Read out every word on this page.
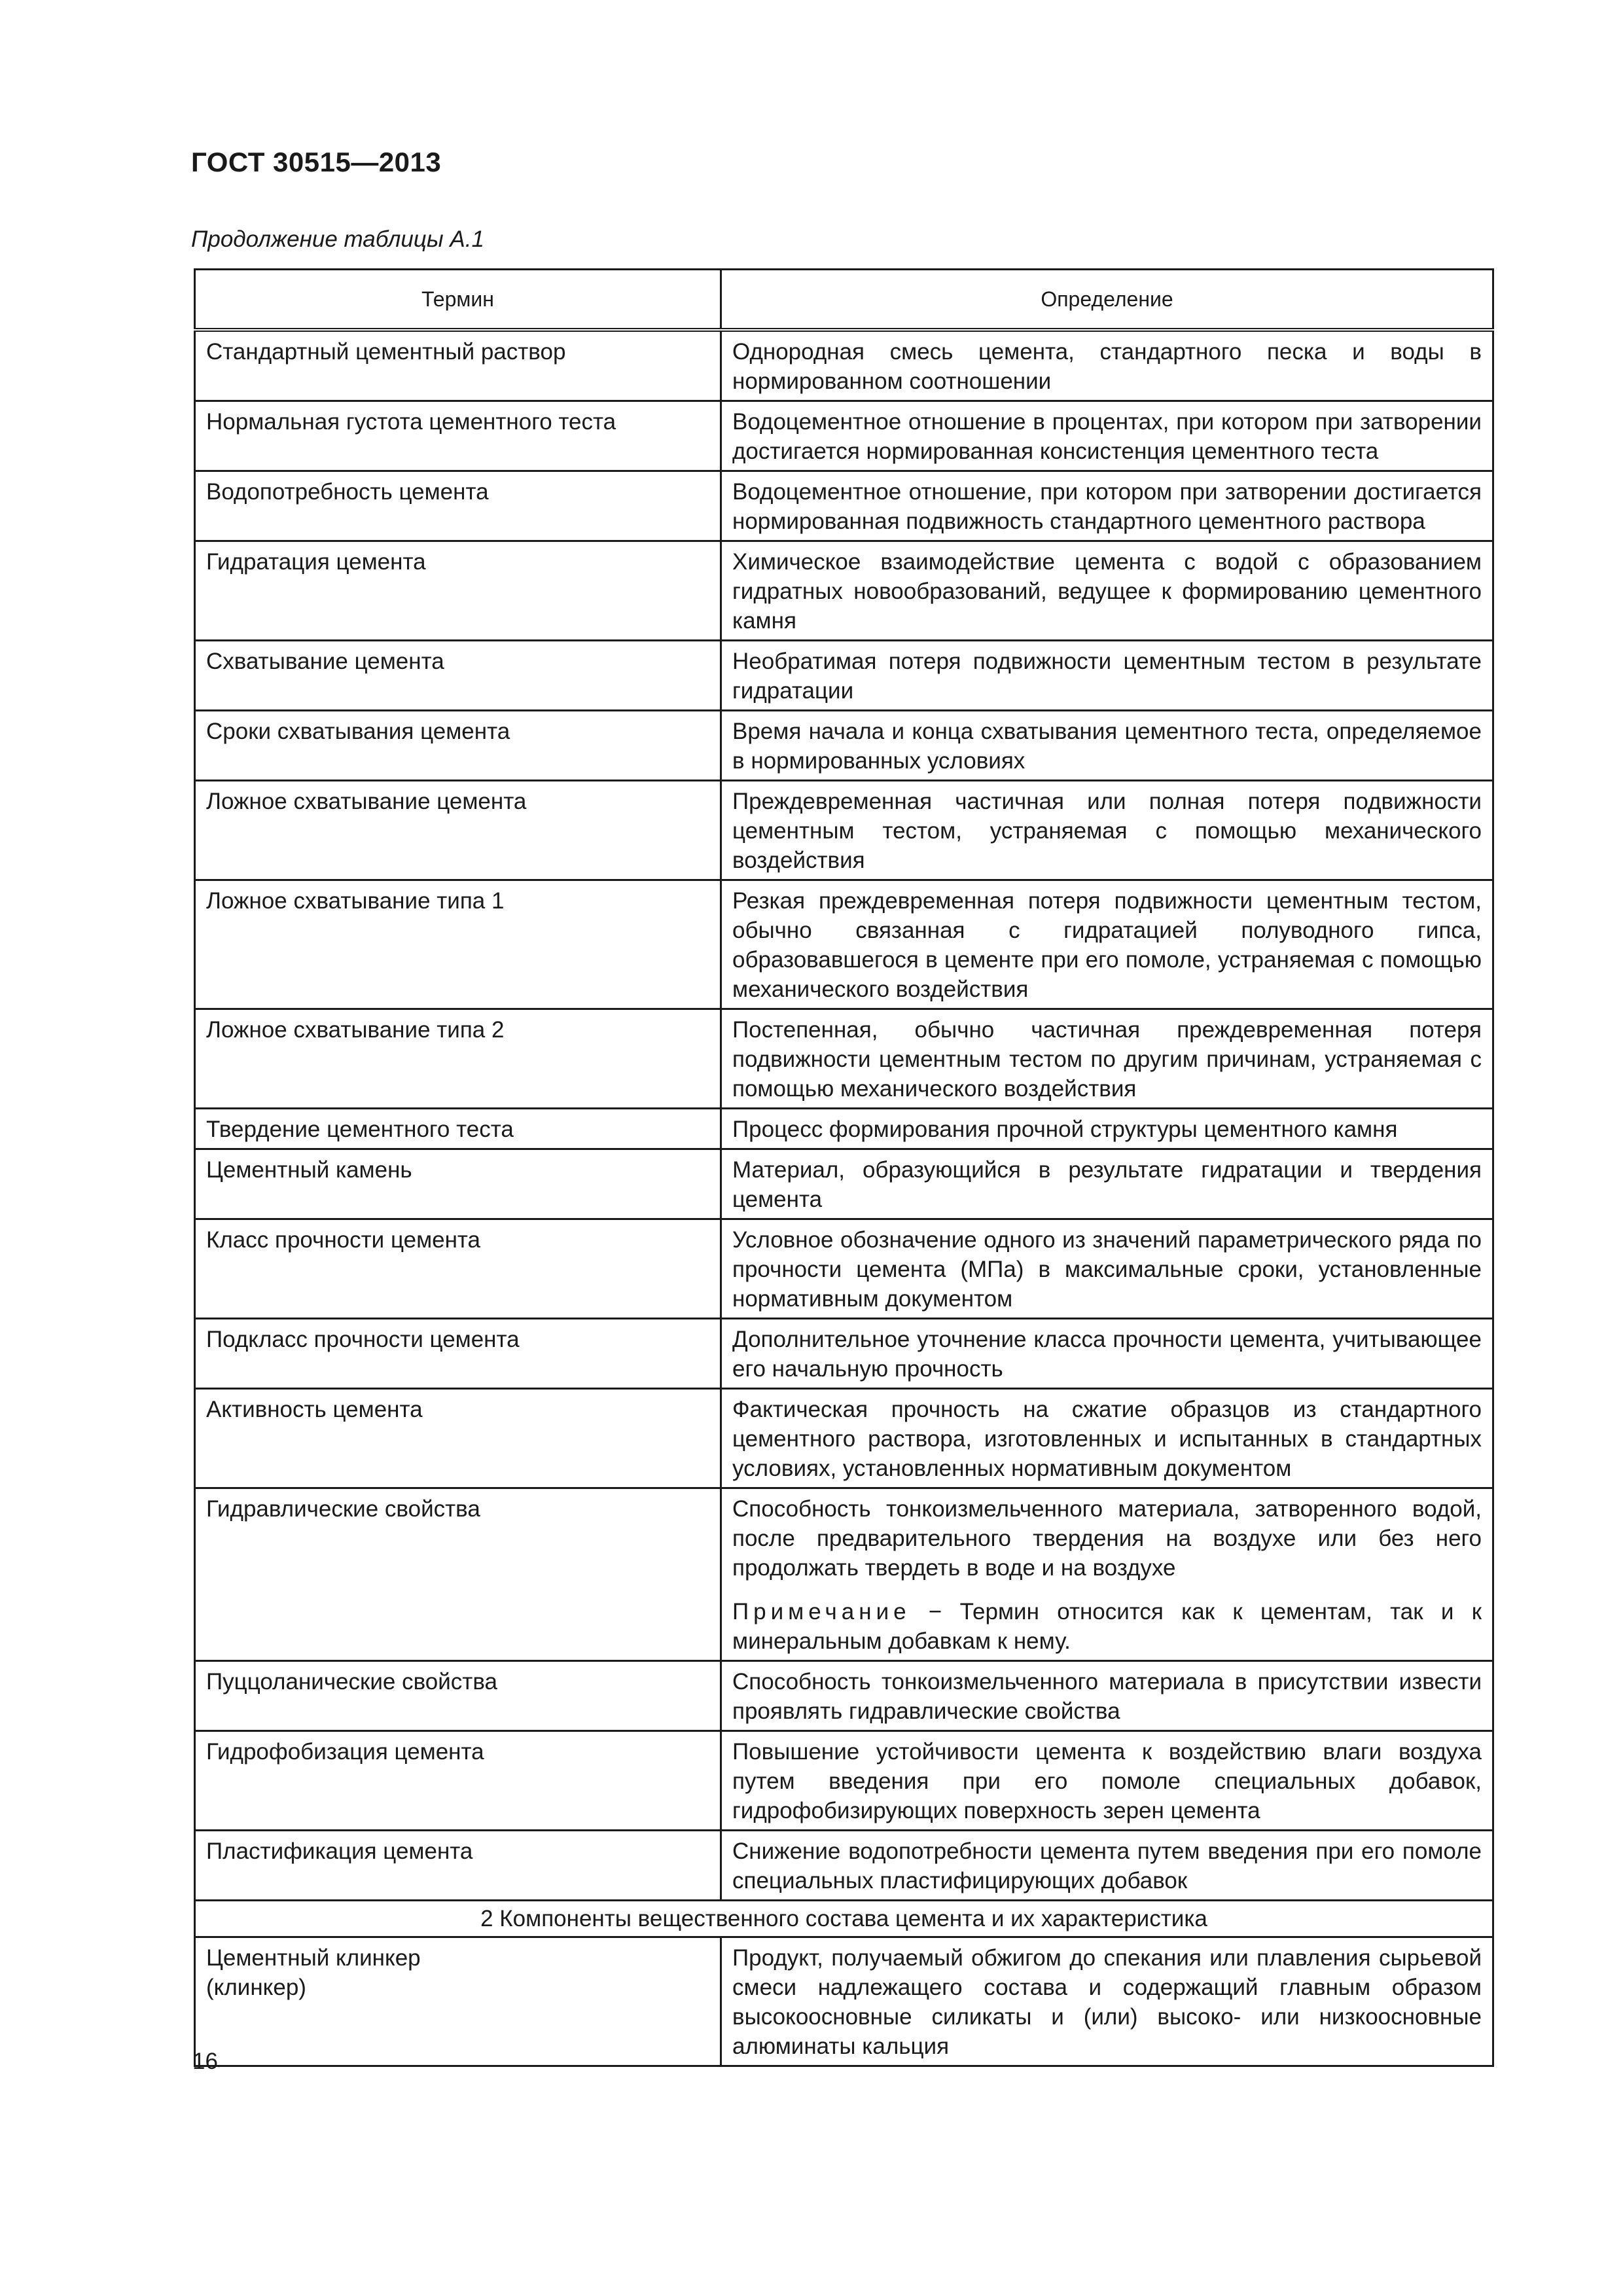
ГОСТ 30515—2013
Продолжение таблицы А.1
Термин	Определение
Стандартный цементный раствор	Однородная смесь цемента, стандартного песка и воды в нормированном соотношении
Нормальная густота цементного теста	Водоцементное отношение в процентах, при котором при затворении достигается нормированная консистенция цементного теста
Водопотребность цемента	Водоцементное отношение, при котором при затворении достигается нормированная подвижность стандартного цементного раствора
Гидратация цемента	Химическое взаимодействие цемента с водой с образованием гидратных новообразований, ведущее к формированию цементного камня
Схватывание цемента	Необратимая потеря подвижности цементным тестом в результате гидратации
Сроки схватывания цемента	Время начала и конца схватывания цементного теста, определяемое в нормированных условиях
Ложное схватывание цемента	Преждевременная частичная или полная потеря подвижности цементным тестом, устраняемая с помощью механического воздействия
Ложное схватывание типа 1	Резкая преждевременная потеря подвижности цементным тестом, обычно связанная с гидратацией полуводного гипса, образовавшегося в цементе при его помоле, устраняемая с помощью механического воздействия
Ложное схватывание типа 2	Постепенная, обычно частичная преждевременная потеря подвижности цементным тестом по другим причинам, устраняемая с помощью механического воздействия
Твердение цементного теста	Процесс формирования прочной структуры цементного камня
Цементный камень	Материал, образующийся в результате гидратации и твердения цемента
Класс прочности цемента	Условное обозначение одного из значений параметрического ряда по прочности цемента (МПа) в максимальные сроки, установленные нормативным документом
Подкласс прочности цемента	Дополнительное уточнение класса прочности цемента, учитывающее его начальную прочность
Активность цемента	Фактическая прочность на сжатие образцов из стандартного цементного раствора, изготовленных и испытанных в стандартных условиях, установленных нормативным документом
Гидравлические свойства	Способность тонкоизмельченного материала, затворенного водой, после предварительного твердения на воздухе или без него продолжать твердеть в воде и на воздухе
Примечание − Термин относится как к цементам, так и к минеральным добавкам к нему.

Пуццоланические свойства	Способность тонкоизмельченного материала в присутствии извести проявлять гидравлические свойства
Гидрофобизация цемента	Повышение устойчивости цемента к воздействию влаги воздуха путем введения при его помоле специальных добавок, гидрофобизирующих поверхность зерен цемента
Пластификация цемента	Снижение водопотребности цемента путем введения при его помоле специальных пластифицирующих добавок
2 Компоненты вещественного состава цемента и их характеристика	

Цементный клинкер
(клинкер)	Продукт, получаемый обжигом до спекания или плавления сырьевой смеси надлежащего состава и содержащий главным образом высокоосновные силикаты и (или) высоко- или низкоосновные алюминаты кальция
16
